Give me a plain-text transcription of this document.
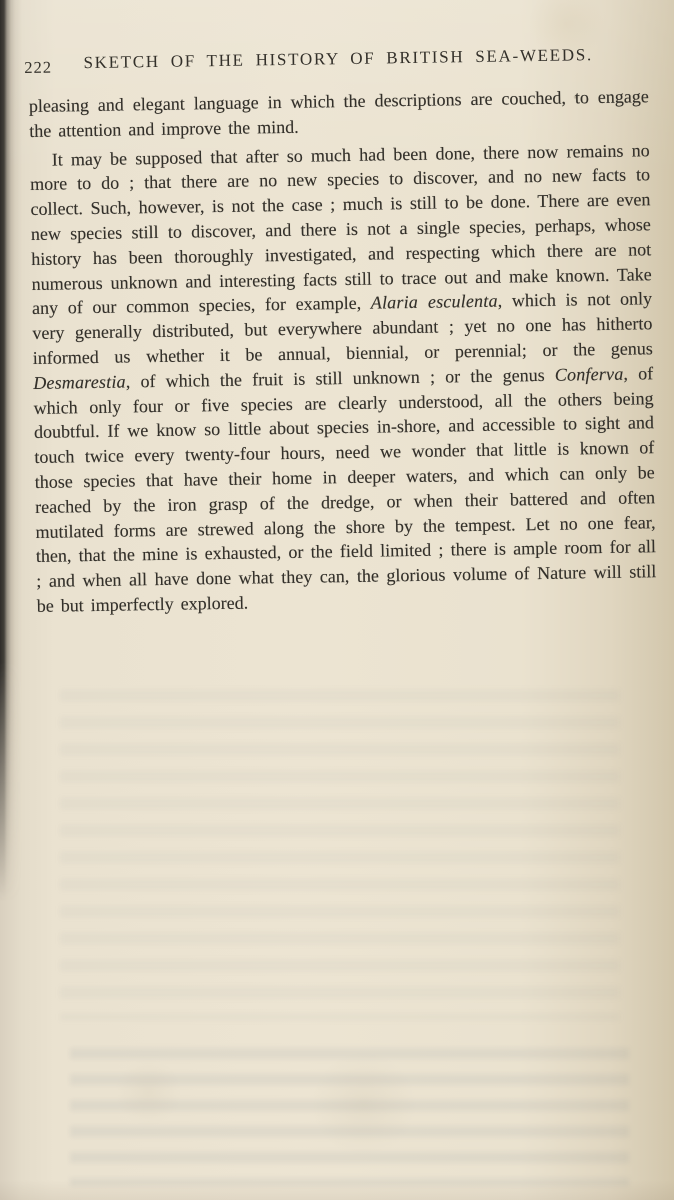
222	SKETCH OF THE HISTORY OF BRITISH SEA-WEEDS.

pleasing and elegant language in which the descriptions are couched, to engage the attention and improve the mind.

It may be supposed that after so much had been done, there now remains no more to do ; that there are no new species to discover, and no new facts to collect. Such, however, is not the case ; much is still to be done. There are even new species still to discover, and there is not a single species, perhaps, whose history has been thoroughly investigated, and respecting which there are not numerous unknown and interesting facts still to trace out and make known. Take any of our common species, for example, Alaria esculenta, which is not only very generally distributed, but everywhere abundant ; yet no one has hitherto informed us whether it be annual, biennial, or perennial; or the genus Desmarestia, of which the fruit is still unknown ; or the genus Conferva, of which only four or five species are clearly understood, all the others being doubtful. If we know so little about species in-shore, and accessible to sight and touch twice every twenty-four hours, need we wonder that little is known of those species that have their home in deeper waters, and which can only be reached by the iron grasp of the dredge, or when their battered and often mutilated forms are strewed along the shore by the tempest. Let no one fear, then, that the mine is exhausted, or the field limited ; there is ample room for all ; and when all have done what they can, the glorious volume of Nature will still be but imperfectly explored.
